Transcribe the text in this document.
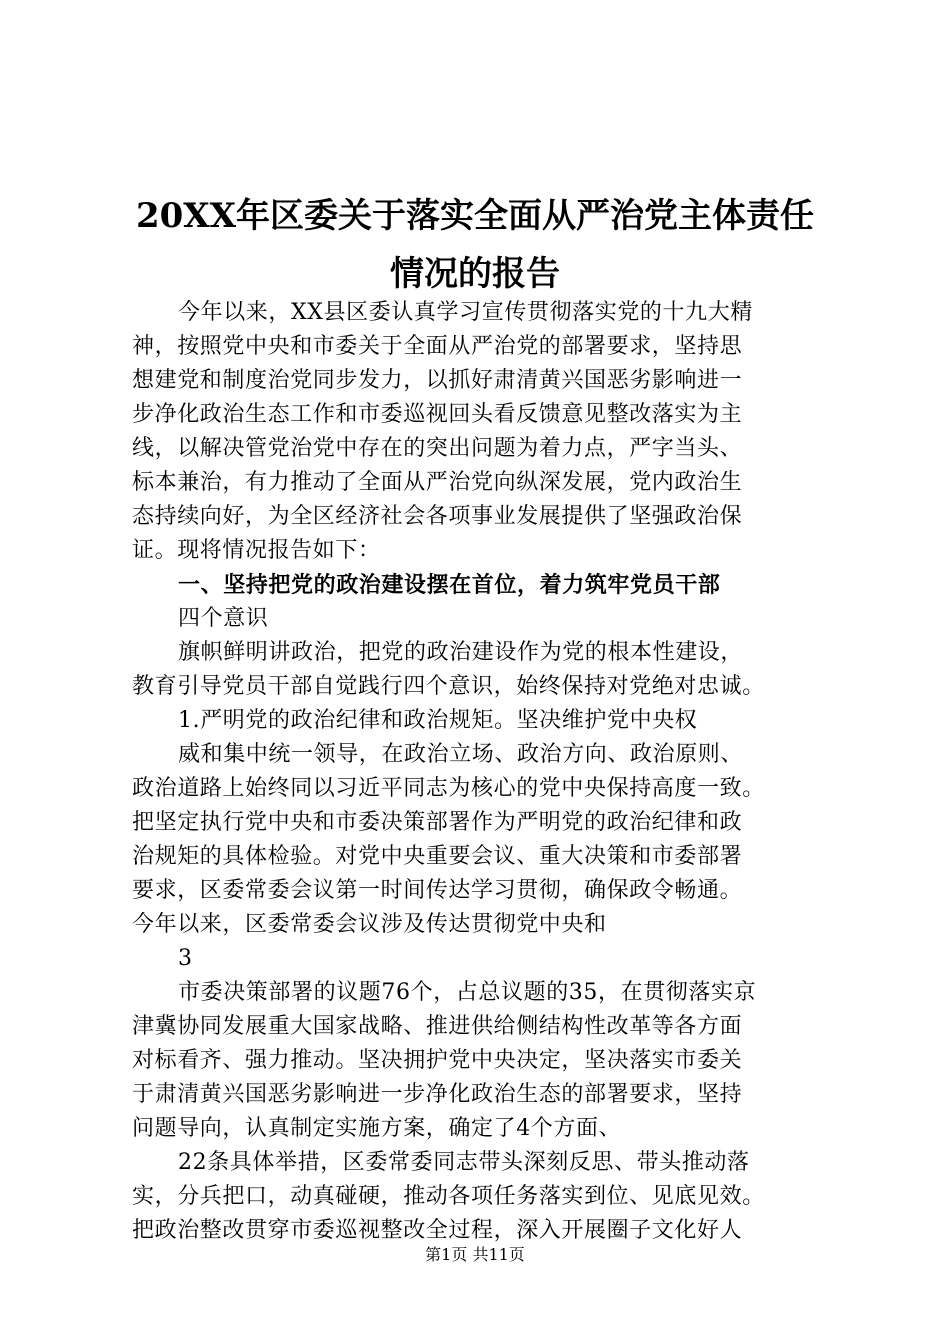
20XX年区委关于落实全面从严治党主体责任
情况的报告
今年以来，XX县区委认真学习宣传贯彻落实党的十九大精
神，按照党中央和市委关于全面从严治党的部署要求，坚持思
想建党和制度治党同步发力，以抓好肃清黄兴国恶劣影响进一
步净化政治生态工作和市委巡视回头看反馈意见整改落实为主
线，以解决管党治党中存在的突出问题为着力点，严字当头、
标本兼治，有力推动了全面从严治党向纵深发展，党内政治生
态持续向好，为全区经济社会各项事业发展提供了坚强政治保
证。现将情况报告如下：
一、坚持把党的政治建设摆在首位，着力筑牢党员干部
四个意识
旗帜鲜明讲政治，把党的政治建设作为党的根本性建设，
教育引导党员干部自觉践行四个意识，始终保持对党绝对忠诚。
1.严明党的政治纪律和政治规矩。坚决维护党中央权
威和集中统一领导，在政治立场、政治方向、政治原则、
政治道路上始终同以习近平同志为核心的党中央保持高度一致。
把坚定执行党中央和市委决策部署作为严明党的政治纪律和政
治规矩的具体检验。对党中央重要会议、重大决策和市委部署
要求，区委常委会议第一时间传达学习贯彻，确保政令畅通。
今年以来，区委常委会议涉及传达贯彻党中央和
3
市委决策部署的议题76个，占总议题的35，在贯彻落实京
津冀协同发展重大国家战略、推进供给侧结构性改革等各方面
对标看齐、强力推动。坚决拥护党中央决定，坚决落实市委关
于肃清黄兴国恶劣影响进一步净化政治生态的部署要求，坚持
问题导向，认真制定实施方案，确定了4个方面、
22条具体举措，区委常委同志带头深刻反思、带头推动落
实，分兵把口，动真碰硬，推动各项任务落实到位、见底见效。
把政治整改贯穿市委巡视整改全过程，深入开展圈子文化好人
第1页 共11页
